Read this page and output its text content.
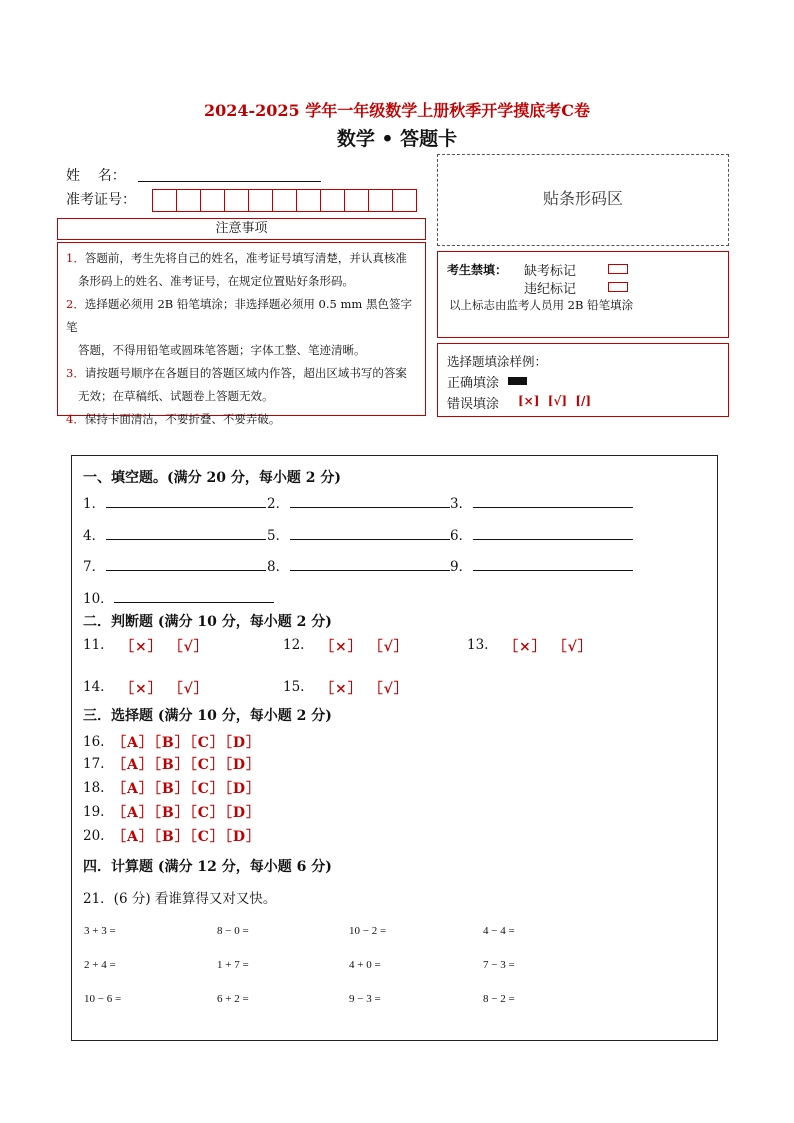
2024-2025 学年一年级数学上册秋季开学摸底考C卷
数学 • 答题卡
姓    名：
准考证号：
注意事项

1．答题前，考生先将自己的姓名，准考证号填写清楚，并认真核准

条形码上的姓名、准考证号，在规定位置贴好条形码。

2．选择题必须用 2B 铅笔填涂；非选择题必须用 0.5 mm 黑色签字笔

答题，不得用铅笔或圆珠笔答题；字体工整、笔迹清晰。

3．请按题号顺序在各题目的答题区域内作答，超出区域书写的答案

无效；在草稿纸、试题卷上答题无效。

4．保持卡面清洁，不要折叠、不要弄破。

贴条形码区
考生禁填： 缺考标记
违纪标记
以上标志由监考人员用 2B 铅笔填涂
选择题填涂样例：
正确填涂
错误填涂 [×]  [√]  [/]
一、填空题。(满分 20 分，每小题 2 分)
1．	2．	3．
4．	5．	6．
7．	8．	9．
10．
二．判断题 (满分 10 分，每小题 2 分)
11. ［×］ ［√］	12. ［×］ ［√］	13. ［×］ ［√］
14. ［×］ ［√］	15. ［×］ ［√］
三．选择题 (满分 10 分，每小题 2 分)
16. ［A］［B］［C］［D］
17. ［A］［B］［C］［D］
18. ［A］［B］［C］［D］
19. ［A］［B］［C］［D］
20. ［A］［B］［C］［D］
四．计算题 (满分 12 分，每小题 6 分)
21．(6 分) 看谁算得又对又快。
3 + 3 =	8 − 0 =	10 − 2 =	4 − 4 =
2 + 4 =	1 + 7 =	4 + 0 =	7 − 3 =
10 − 6 =	6 + 2 =	9 − 3 =	8 − 2 =
